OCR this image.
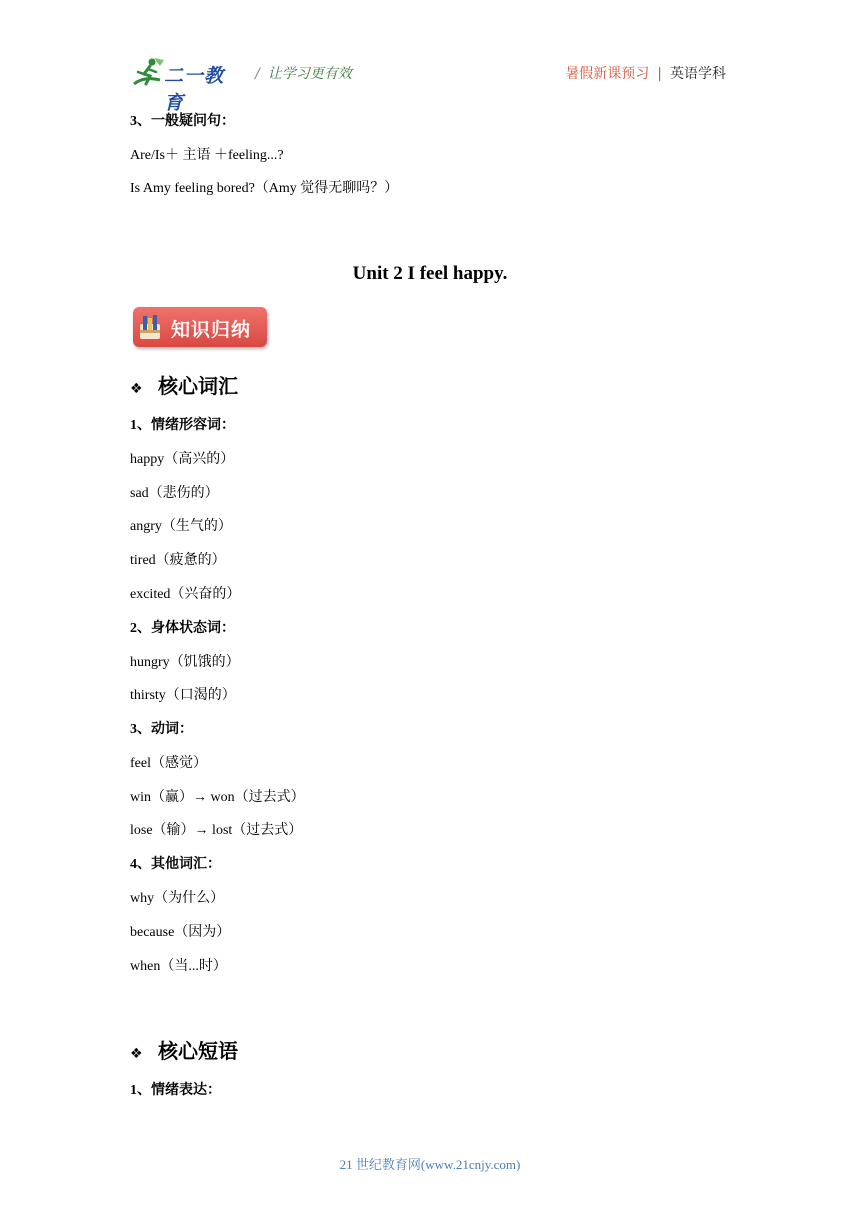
二一教育
/ 让学习更有效	暑假新课预习 | 英语学科
3、一般疑问句：
Are/Is＋ 主语 ＋feeling...?
Is Amy feeling bored?（Amy 觉得无聊吗？）
Unit 2 I feel happy.
知识归纳
❖ 核心词汇
1、情绪形容词：
happy（高兴的）
sad（悲伤的）
angry（生气的）
tired（疲惫的）
excited（兴奋的）
2、身体状态词：
hungry（饥饿的）
thirsty（口渴的）
3、动词：
feel（感觉）
win（赢）→ won（过去式）
lose（输）→ lost（过去式）
4、其他词汇：
why（为什么）
because（因为）
when（当...时）
❖ 核心短语
1、情绪表达：
21 世纪教育网(www.21cnjy.com)
